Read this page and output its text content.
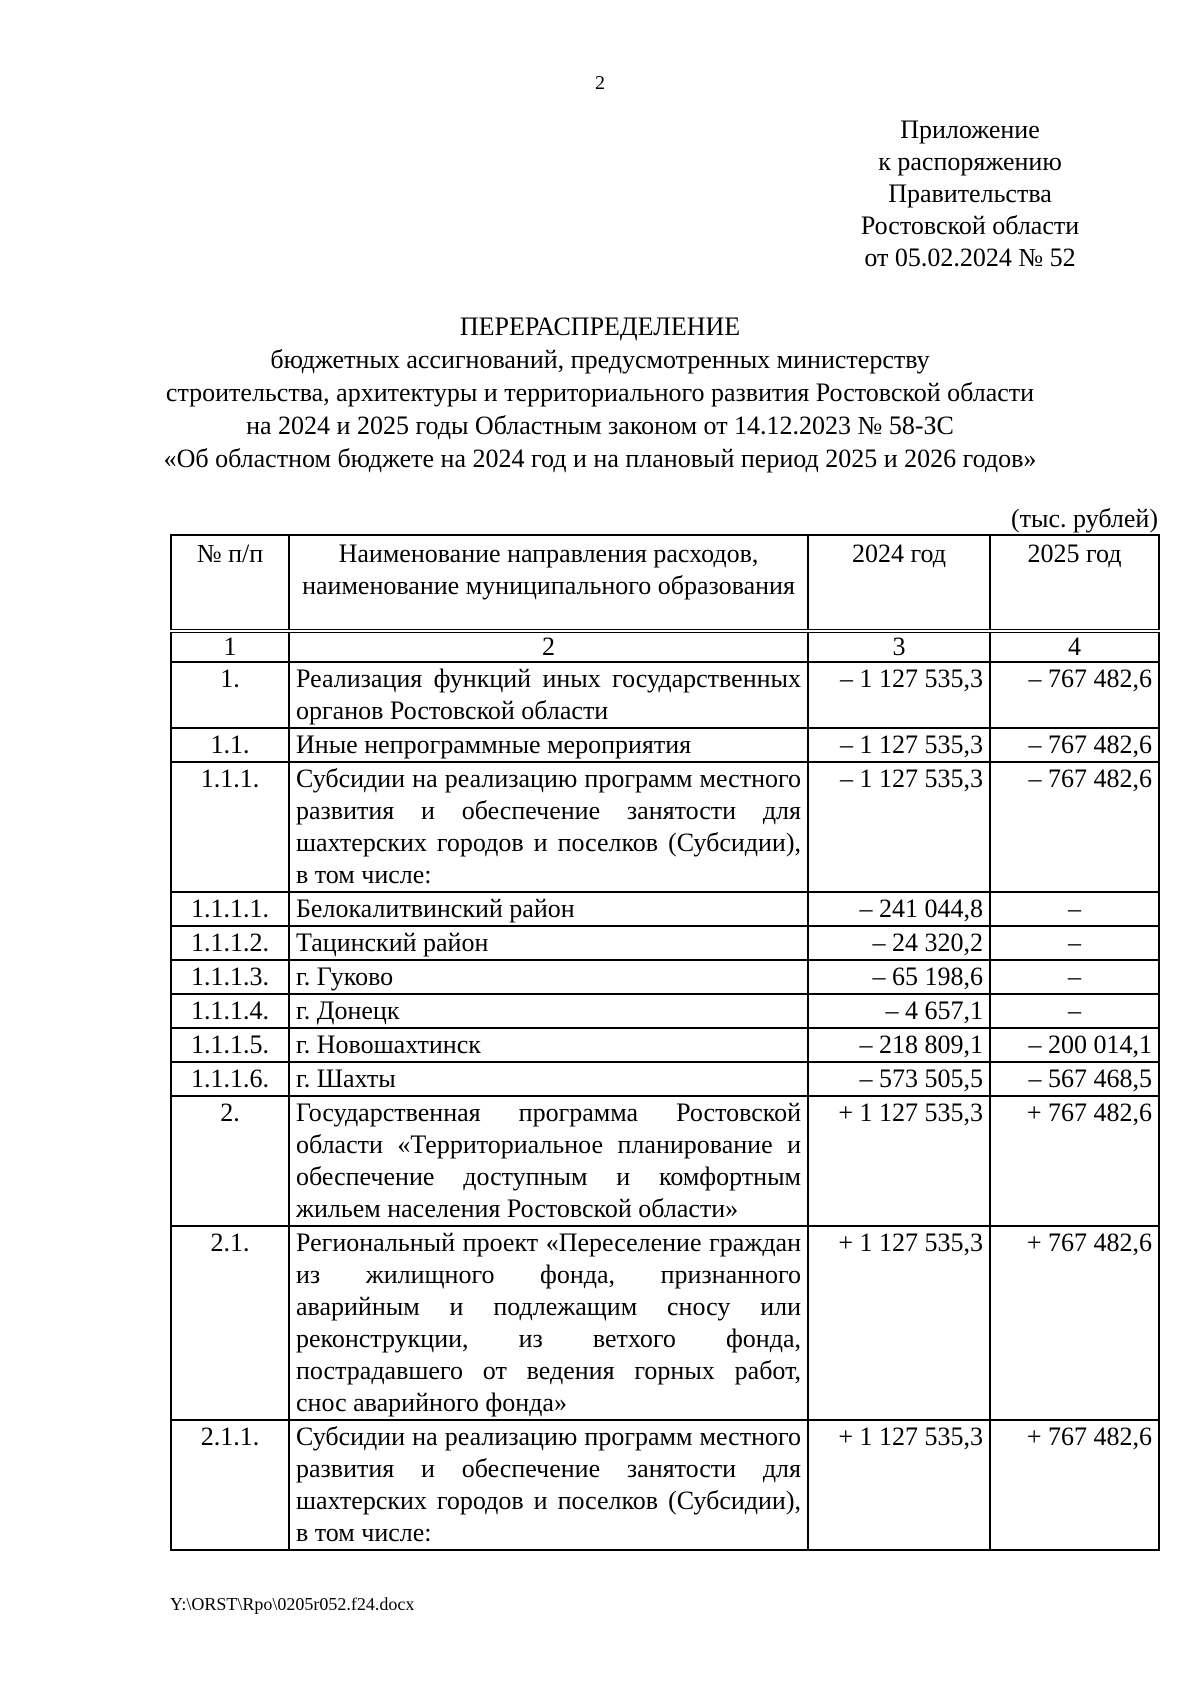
2
Приложение
к распоряжению
Правительства
Ростовской области
от 05.02.2024 № 52
ПЕРЕРАСПРЕДЕЛЕНИЕ
бюджетных ассигнований, предусмотренных министерству
строительства, архитектуры и территориального развития Ростовской области
на 2024 и 2025 годы Областным законом от 14.12.2023 № 58-ЗС
«Об областном бюджете на 2024 год и на плановый период 2025 и 2026 годов»
(тыс. рублей)
№ п/п	Наименование направления расходов, наименование муниципального образования	2024 год	2025 год
1	2	3	4
1.	Реализация функций иных государственных органов Ростовской области	– 1 127 535,3	– 767 482,6
1.1.	Иные непрограммные мероприятия	– 1 127 535,3	– 767 482,6
1.1.1.	Субсидии на реализацию программ местного развития и обеспечение занятости для шахтерских городов и поселков (Субсидии), в том числе:	– 1 127 535,3	– 767 482,6
1.1.1.1.	Белокалитвинский район	– 241 044,8	–
1.1.1.2.	Тацинский район	– 24 320,2	–
1.1.1.3.	г. Гуково	– 65 198,6	–
1.1.1.4.	г. Донецк	– 4 657,1	–
1.1.1.5.	г. Новошахтинск	– 218 809,1	– 200 014,1
1.1.1.6.	г. Шахты	– 573 505,5	– 567 468,5
2.	Государственная программа Ростовской области «Территориальное планирование и обеспечение доступным и комфортным жильем населения Ростовской области»	+ 1 127 535,3	+ 767 482,6
2.1.	Региональный проект «Переселение граждан из жилищного фонда, признанного аварийным и подлежащим сносу или реконструкции, из ветхого фонда, пострадавшего от ведения горных работ, снос аварийного фонда»	+ 1 127 535,3	+ 767 482,6
2.1.1.	Субсидии на реализацию программ местного развития и обеспечение занятости для шахтерских городов и поселков (Субсидии), в том числе:	+ 1 127 535,3	+ 767 482,6
Y:\ORST\Rpo\0205r052.f24.docx
